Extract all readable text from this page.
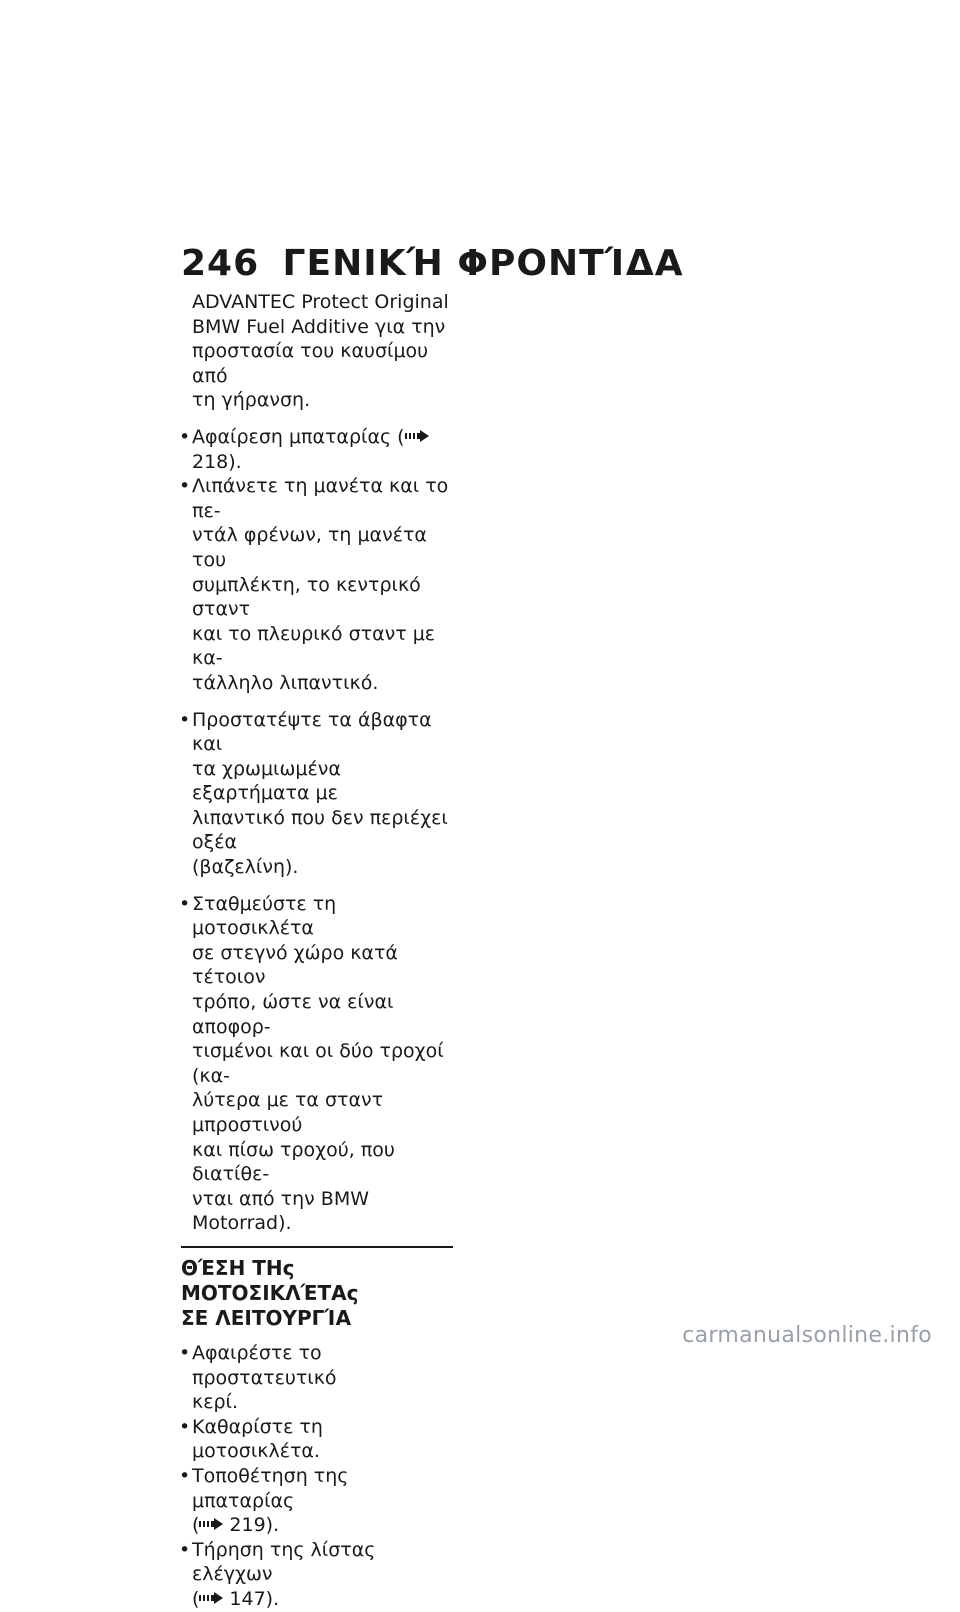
246 ΓΕΝΙΚΉ ΦΡΟΝΤΊΔΑ
ADVANTEC Protect Original
BMW Fuel Additive για την
προστασία του καυσίμου από
τη γήρανση.
• Αφαίρεση μπαταρίας (218).
• Λιπάνετε τη μανέτα και το πε-
ντάλ φρένων, τη μανέτα του
συμπλέκτη, το κεντρικό σταντ
και το πλευρικό σταντ με κα-
τάλληλο λιπαντικό.
• Προστατέψτε τα άβαφτα και
τα χρωμιωμένα εξαρτήματα με
λιπαντικό που δεν περιέχει οξέα
(βαζελίνη).
• Σταθμεύστε τη μοτοσικλέτα
σε στεγνό χώρο κατά τέτοιον
τρόπο, ώστε να είναι αποφορ-
τισμένοι και οι δύο τροχοί (κα-
λύτερα με τα σταντ μπροστινού
και πίσω τροχού, που διατίθε-
νται από την BMW Motorrad).
ΘΈΣΗ ΤΗς ΜΟΤΟΣΙΚΛΈΤΑς
ΣΕ ΛΕΙΤΟΥΡΓΊΑ
• Αφαιρέστε το προστατευτικό
κερί.
• Καθαρίστε τη μοτοσικλέτα.
• Τοποθέτηση της μπαταρίας
( 219).
• Τήρηση της λίστας ελέγχων
( 147).
carmanualsonline.info
